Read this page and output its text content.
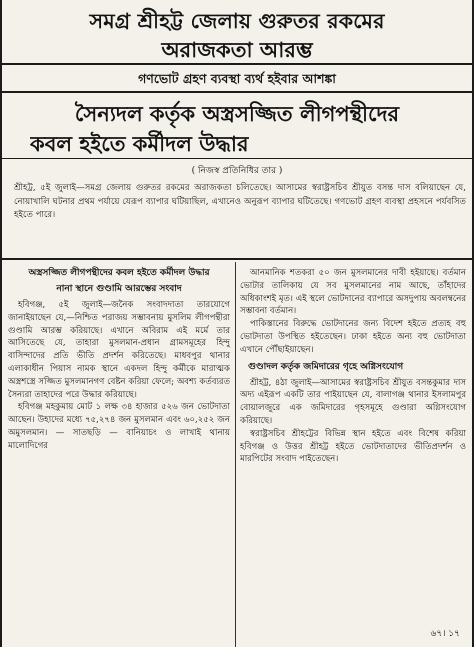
সমগ্র শ্রীহট্ট জেলায় গুরুতর রকমের
অরাজকতা আরম্ভ
গণভোট গ্রহণ ব্যবস্থা ব্যর্থ হইবার আশঙ্কা
সৈন্যদল কর্তৃক অস্ত্রসজ্জিত লীগপন্থীদের
কবল হইতে কর্মীদল উদ্ধার
( নিজস্ব প্রতিনিধির তার )
শ্রীহট্ট, ৫ই জুলাই—সমগ্র জেলায় গুরুতর রকমের অরাজকতা চলিতেছে। আসামের স্বরাষ্ট্রসচিব শ্রীযুত বসন্ত দাস বলিয়াছেন যে, নোয়াখালি ঘটনার প্রথম পর্যায়ে যেরূপ ব্যাপার ঘটিয়াছিল, এখানেও অনুরূপ ব্যাপার ঘটিতেছে। গণভোট গ্রহণ ব্যবস্থা প্রহসনে পর্যবসিত হইতে পারে।
অস্ত্রসজ্জিত লীগপন্থীদের কবল হইতে কর্মীদল উদ্ধার
নানা স্থানে গুণ্ডামি আরম্ভের সংবাদ

হবিগঞ্জ, ৫ই জুলাই—জনৈক সংবাদদাতা তারযোগে জানাইয়াছেন যে,—নিশ্চিত পরাজয় সম্ভাবনায় মুসলিম লীগপন্থীরা গুণ্ডামি আরম্ভ করিয়াছে। এখানে অবিরাম এই মর্মে তার আসিতেছে যে, তাহারা মুসলমান-প্রধান গ্রামসমূহের হিন্দু বাসিন্দাদের প্রতি ভীতি প্রদর্শন করিতেছে। মাধবপুর থানার এলাকাধীন পিয়াস নামক স্থানে একদল হিন্দু কর্মীকে মারাত্মক অস্ত্রশস্ত্রে সজ্জিত মুসলমানগণ বেষ্টন করিয়া ফেলে; অবশ্য কর্তব্যরত সৈন্যরা তাহাদের পরে উদ্ধার করিয়াছে।

হবিগঞ্জ মহকুমায় মোট ১ লক্ষ ৩৪ হাজার ৫২৬ জন ভোটদাতা আছেন। উহাদের মধ্যে ৭৫,২৭৪ জন মুসলমান এবং ৬০,২৫২ জন অমুসলমান। — সাতছড়ি — বানিয়াচং ও লাখাই থানায় মালোদিগের

আনমানিক শতকরা ৫০ জন মুসলমানের দাবী হইয়াছে। বর্তমান ভোটার তালিকায় যে সব মুসলমানের নাম আছে, তাঁহাদের অধিকাংশই মৃত। এই স্থলে ভোটদানের ব্যাপারে অসদুপায় অবলম্বনের সম্ভাবনা বর্তমান।

পাকিস্তানের বিরুদ্ধে ভোটদানের জন্য বিদেশ হইতে প্রত্যহ বহু ভোটদাতা উপস্থিত হইতেছেন। ঢাকা হইতে অন্য বহু ভোটদাতা এখানে পৌঁছাইয়াছেন।

গুণ্ডাদল কর্তৃক জমিদারের গৃহে অগ্নিসংযোগ

শ্রীহট্ট, ৪ঠা জুলাই—আসামের স্বরাষ্ট্রসচিব শ্রীযুত বসন্তকুমার দাস অদ্য এইরূপ একটি তার পাইয়াছেন যে, বালাগঞ্জ থানার ইসলামপুর বোয়ালজুরে এক জমিদারের গৃহসমূহে গুণ্ডারা অগ্নিসংযোগ করিয়াছে।

স্বরাষ্ট্রসচিব শ্রীহট্টের বিভিন্ন স্থান হইতে এবং বিশেষ করিয়া হবিগঞ্জ ও উত্তর শ্রীহট্ট হইতে ভোটদাতাদের ভীতিপ্রদর্শন ও মারপিটের সংবাদ পাইতেছেন।

৬৭। ১৭
